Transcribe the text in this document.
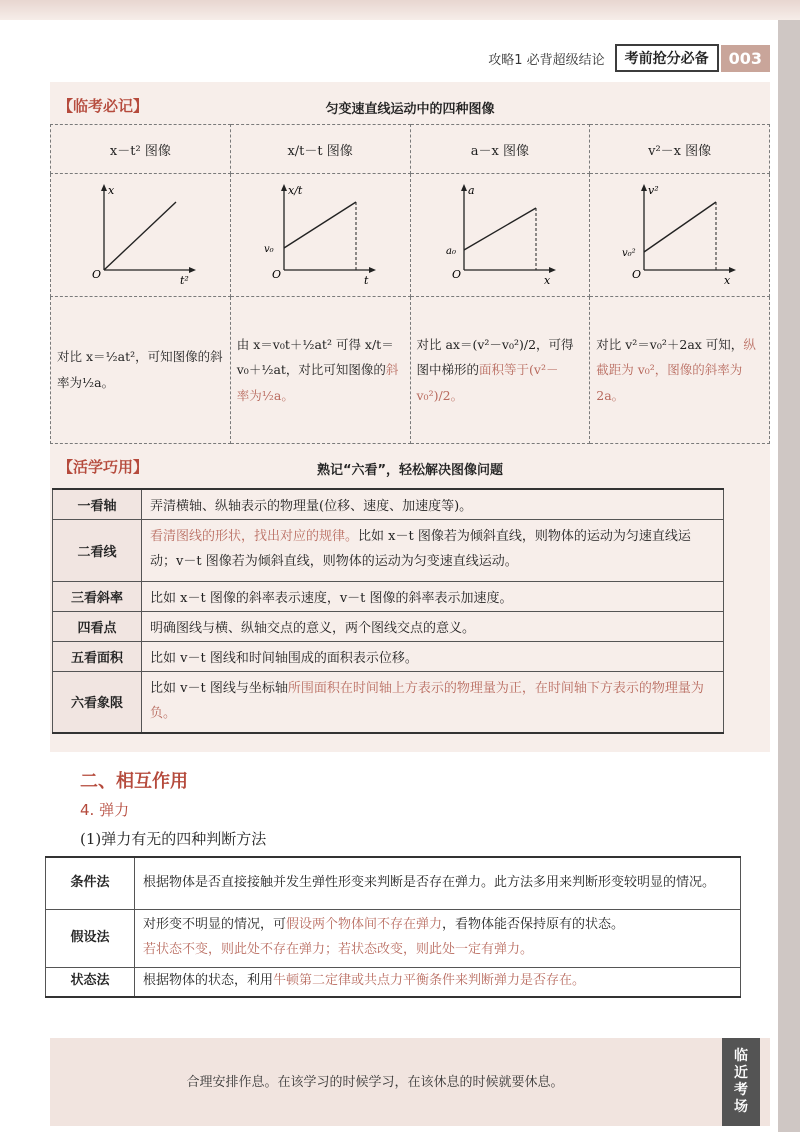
攻略1 必背超级结论	考前抢分必备	003
【临考必记】	匀变速直线运动中的四种图像
x－t² 图像	x/t－t 图像	a－x 图像	v²－x 图像

x
t²
O	x/t
t
O
v₀	a
x
O
a₀	v²
x
O
v₀²

对比 x＝½at²，可知图像的斜率为½a。	由 x＝v₀t＋½at² 可得 x/t＝v₀＋½at，对比可知图像的斜率为½a。	对比 ax＝(v²－v₀²)/2，可得图中梯形的面积等于(v²－v₀²)/2。	对比 v²＝v₀²＋2ax 可知，纵截距为 v₀²，图像的斜率为 2a。
【活学巧用】	熟记“六看”，轻松解决图像问题
一看轴	弄清横轴、纵轴表示的物理量(位移、速度、加速度等)。
二看线	看清图线的形状，找出对应的规律。比如 x－t 图像若为倾斜直线，则物体的运动为匀速直线运动；v－t 图像若为倾斜直线，则物体的运动为匀变速直线运动。
三看斜率	比如 x－t 图像的斜率表示速度，v－t 图像的斜率表示加速度。
四看点	明确图线与横、纵轴交点的意义，两个图线交点的意义。
五看面积	比如 v－t 图线和时间轴围成的面积表示位移。
六看象限	比如 v－t 图线与坐标轴所围面积在时间轴上方表示的物理量为正，在时间轴下方表示的物理量为负。
二、相互作用
4. 弹力
(1)弹力有无的四种判断方法
条件法	根据物体是否直接接触并发生弹性形变来判断是否存在弹力。此方法多用来判断形变较明显的情况。
假设法	对形变不明显的情况，可假设两个物体间不存在弹力，看物体能否保持原有的状态。
若状态不变，则此处不存在弹力；若状态改变，则此处一定有弹力。
状态法	根据物体的状态，利用牛顿第二定律或共点力平衡条件来判断弹力是否存在。
合理安排作息。在该学习的时候学习，在该休息的时候就要休息。
临近考场
